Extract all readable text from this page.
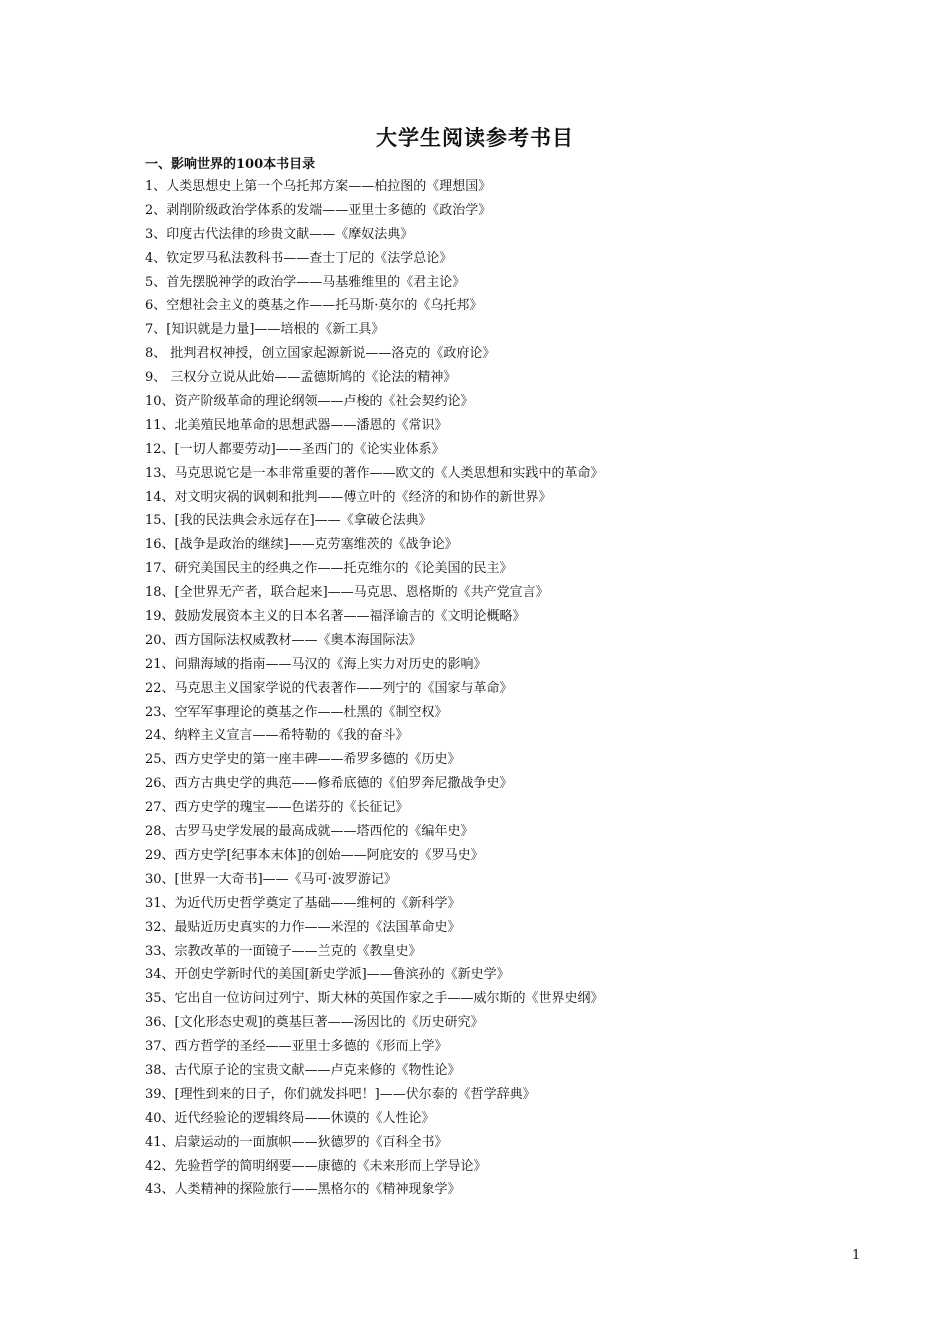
大学生阅读参考书目

一、影响世界的100本书目录

1、人类思想史上第一个乌托邦方案——柏拉图的《理想国》
2、剥削阶级政治学体系的发端——亚里士多德的《政治学》
3、印度古代法律的珍贵文献——《摩奴法典》
4、钦定罗马私法教科书——查士丁尼的《法学总论》
5、首先摆脱神学的政治学——马基雅维里的《君主论》
6、空想社会主义的奠基之作——托马斯·莫尔的《乌托邦》
7、[知识就是力量]——培根的《新工具》
8、 批判君权神授，创立国家起源新说——洛克的《政府论》
9、 三权分立说从此始——孟德斯鸠的《论法的精神》
10、资产阶级革命的理论纲领——卢梭的《社会契约论》
11、北美殖民地革命的思想武器——潘恩的《常识》
12、[一切人都要劳动]——圣西门的《论实业体系》
13、马克思说它是一本非常重要的著作——欧文的《人类思想和实践中的革命》
14、对文明灾祸的讽刺和批判——傅立叶的《经济的和协作的新世界》
15、[我的民法典会永远存在]——《拿破仑法典》
16、[战争是政治的继续]——克劳塞维茨的《战争论》
17、研究美国民主的经典之作——托克维尔的《论美国的民主》
18、[全世界无产者，联合起来]——马克思、恩格斯的《共产党宣言》
19、鼓励发展资本主义的日本名著——福泽谕吉的《文明论概略》
20、西方国际法权威教材——《奥本海国际法》
21、问鼎海域的指南——马汉的《海上实力对历史的影响》
22、马克思主义国家学说的代表著作——列宁的《国家与革命》
23、空军军事理论的奠基之作——杜黑的《制空权》
24、纳粹主义宣言——希特勒的《我的奋斗》
25、西方史学史的第一座丰碑——希罗多德的《历史》
26、西方古典史学的典范——修希底德的《伯罗奔尼撒战争史》
27、西方史学的瑰宝——色诺芬的《长征记》
28、古罗马史学发展的最高成就——塔西佗的《编年史》
29、西方史学[纪事本末体]的创始——阿庇安的《罗马史》
30、[世界一大奇书]——《马可·波罗游记》
31、为近代历史哲学奠定了基础——维柯的《新科学》
32、最贴近历史真实的力作——米涅的《法国革命史》
33、宗教改革的一面镜子——兰克的《教皇史》
34、开创史学新时代的美国[新史学派]——鲁滨孙的《新史学》
35、它出自一位访问过列宁、斯大林的英国作家之手——威尔斯的《世界史纲》
36、[文化形态史观]的奠基巨著——汤因比的《历史研究》
37、西方哲学的圣经——亚里士多德的《形而上学》
38、古代原子论的宝贵文献——卢克来修的《物性论》
39、[理性到来的日子，你们就发抖吧！]——伏尔泰的《哲学辞典》
40、近代经验论的逻辑终局——休谟的《人性论》
41、启蒙运动的一面旗帜——狄德罗的《百科全书》
42、先验哲学的简明纲要——康德的《未来形而上学导论》
43、人类精神的探险旅行——黑格尔的《精神现象学》
1
